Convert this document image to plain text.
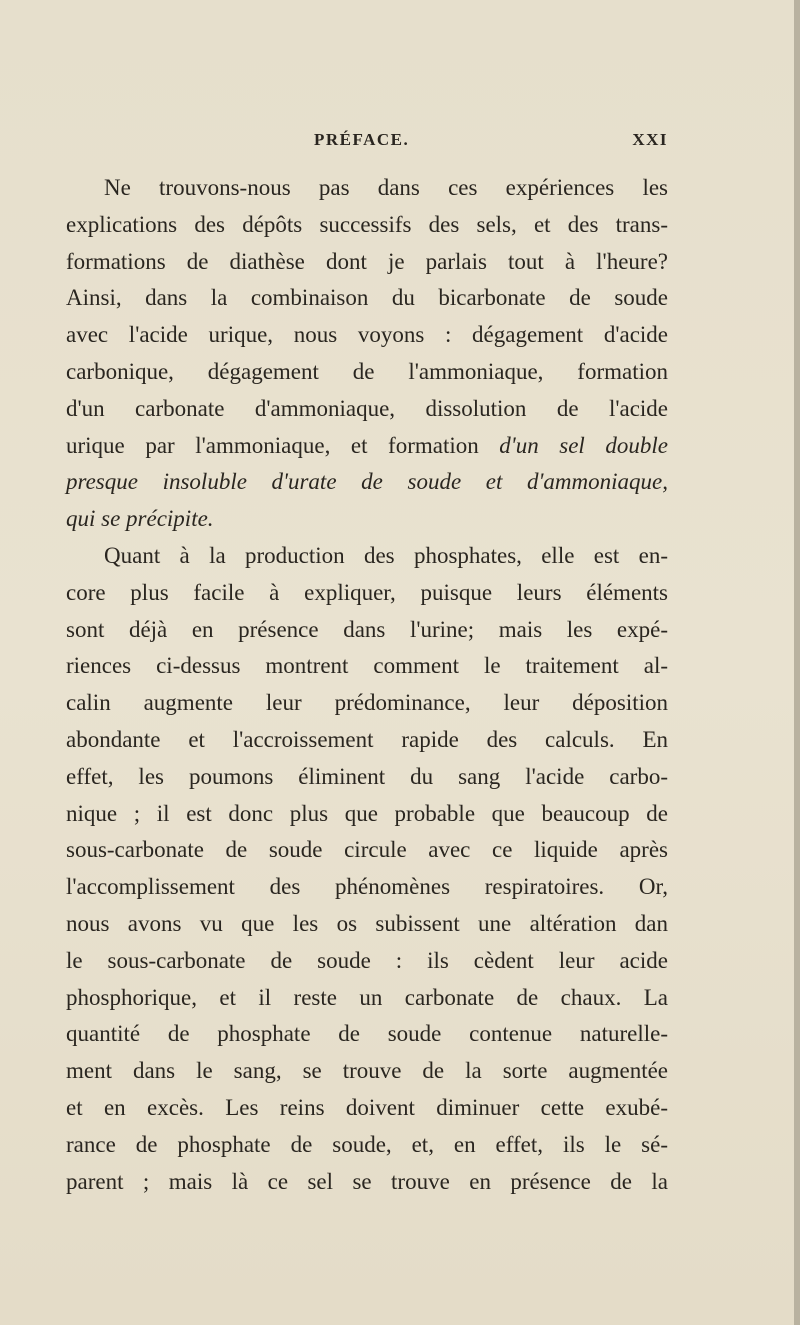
PRÉFACE.	XXI
Ne trouvons-nous pas dans ces expériences les
explications des dépôts successifs des sels, et des trans-
formations de diathèse dont je parlais tout à l'heure?
Ainsi, dans la combinaison du bicarbonate de soude
avec l'acide urique, nous voyons : dégagement d'acide
carbonique, dégagement de l'ammoniaque, formation
d'un carbonate d'ammoniaque, dissolution de l'acide
urique par l'ammoniaque, et formation d'un sel double
presque insoluble d'urate de soude et d'ammoniaque,
qui se précipite.
Quant à la production des phosphates, elle est en-
core plus facile à expliquer, puisque leurs éléments
sont déjà en présence dans l'urine; mais les expé-
riences ci-dessus montrent comment le traitement al-
calin augmente leur prédominance, leur déposition
abondante et l'accroissement rapide des calculs. En
effet, les poumons éliminent du sang l'acide carbo-
nique ; il est donc plus que probable que beaucoup de
sous-carbonate de soude circule avec ce liquide après
l'accomplissement des phénomènes respiratoires. Or,
nous avons vu que les os subissent une altération dan
le sous-carbonate de soude : ils cèdent leur acide
phosphorique, et il reste un carbonate de chaux. La
quantité de phosphate de soude contenue naturelle-
ment dans le sang, se trouve de la sorte augmentée
et en excès. Les reins doivent diminuer cette exubé-
rance de phosphate de soude, et, en effet, ils le sé-
parent ; mais là ce sel se trouve en présence de la
